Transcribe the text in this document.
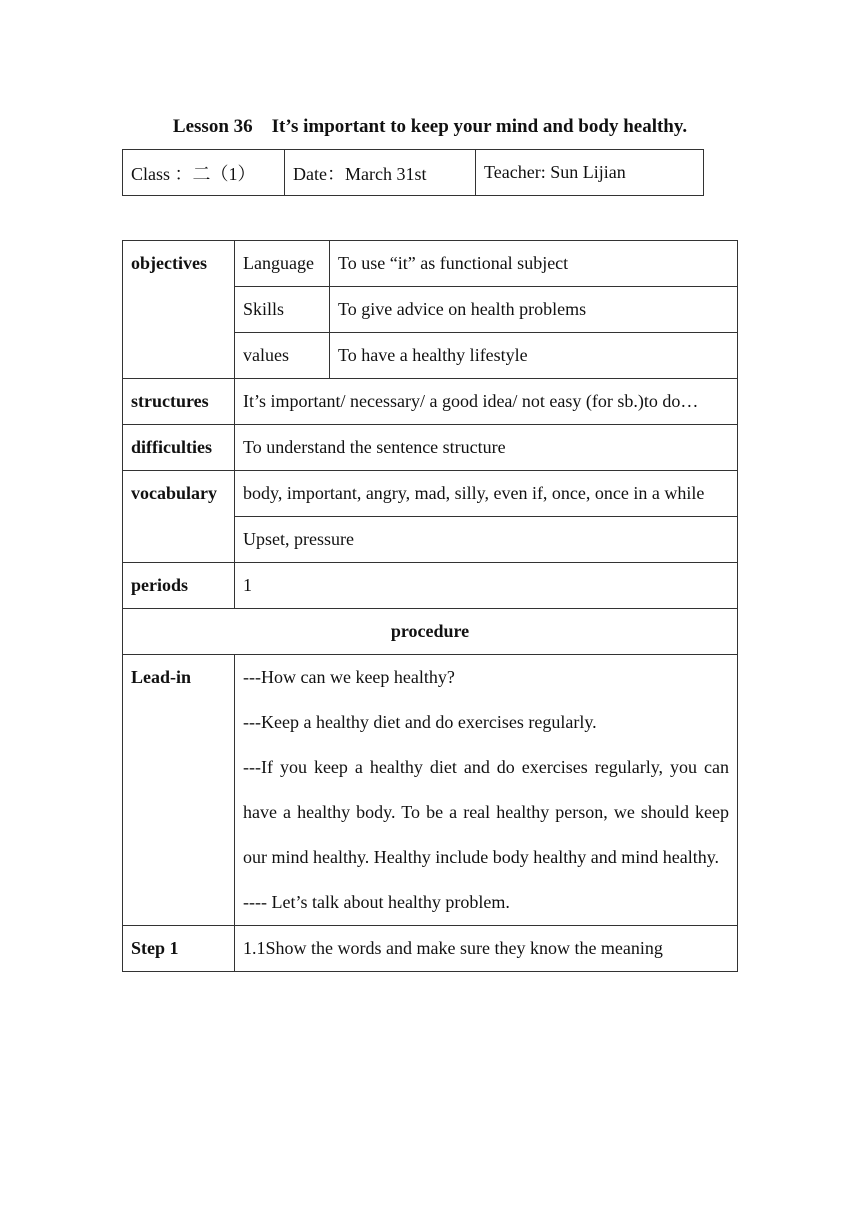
Lesson 36    It’s important to keep your mind and body healthy.
Class ：二（1）	Date：March 31st	Teacher: Sun Lijian
objectives	Language	To use “it” as functional subject
	Skills	To give advice on health problems
	values	To have a healthy lifestyle
structures	It’s important/ necessary/ a good idea/ not easy (for sb.)to do…	
difficulties	To understand the sentence structure	
vocabulary	body, important, angry, mad, silly, even if, once, once in a while	
	Upset, pressure	
periods	1	
procedure		
Lead-in	---How can we keep healthy?
---Keep a healthy diet and do exercises regularly.
---If you keep a healthy diet and do exercises regularly, you can have a healthy body. To be a real healthy person, we should keep our mind healthy. Healthy include body healthy and mind healthy.
---- Let’s talk about healthy problem.	

Step 1	1.1Show the words and make sure they know the meaning	
